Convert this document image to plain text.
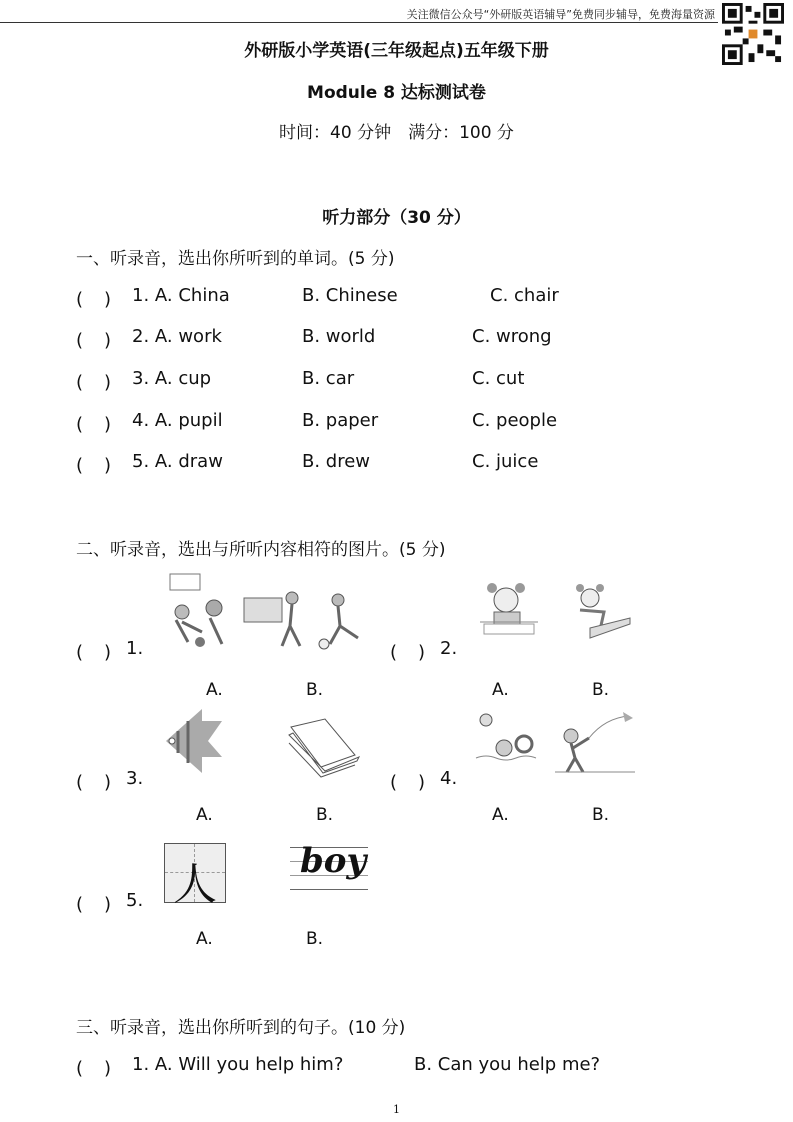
关注微信公众号“外研版英语辅导”免费同步辅导，免费海量资源
外研版小学英语(三年级起点)五年级下册
Module 8 达标测试卷
时间：40 分钟　满分：100 分
听力部分（30 分）
一、听录音，选出你所听到的单词。(5 分)
(　　) 1. A. China	B. Chinese	C. chair
(　　) 2. A. work	B. world	C. wrong
(　　) 3. A. cup	B. car	C. cut
(　　) 4. A. pupil	B. paper	C. people
(　　) 5. A. draw	B. drew	C. juice
二、听录音，选出与所听内容相符的图片。(5 分)
(　　) 1.
A.	B.
(　　) 2.
A.	B.
(　　) 3.
A.	B.
(　　) 4.
A.	B.
(　　) 5. 人 boy
A.	B.
三、听录音，选出你所听到的句子。(10 分)
(　　) 1. A. Will you help him?	B. Can you help me?
1
